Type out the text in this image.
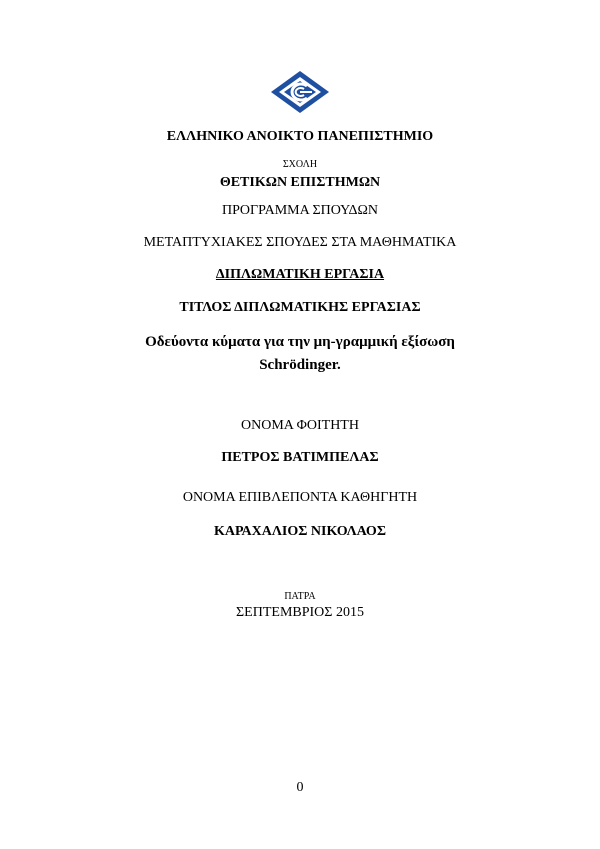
ΕΛΛΗΝΙΚΟ ΑΝΟΙΚΤΟ ΠΑΝΕΠΙΣΤΗΜΙΟ
ΣΧΟΛΗ
ΘΕΤΙΚΩΝ ΕΠΙΣΤΗΜΩΝ
ΠΡΟΓΡΑΜΜΑ ΣΠΟΥΔΩΝ
ΜΕΤΑΠΤΥΧΙΑΚΕΣ ΣΠΟΥΔΕΣ ΣΤΑ ΜΑΘΗΜΑΤΙΚΑ
ΔΙΠΛΩΜΑΤΙΚΗ ΕΡΓΑΣΙΑ
ΤΙΤΛΟΣ ΔΙΠΛΩΜΑΤΙΚΗΣ ΕΡΓΑΣΙΑΣ
Οδεύοντα κύματα για την μη-γραμμική εξίσωση
Schrödinger.
ΟΝΟΜΑ ΦΟΙΤΗΤΗ
ΠΕΤΡΟΣ ΒΑΤΙΜΠΕΛΑΣ
ΟΝΟΜΑ ΕΠΙΒΛΕΠΟΝΤΑ ΚΑΘΗΓΗΤΗ
ΚΑΡΑΧΑΛΙΟΣ ΝΙΚΟΛΑΟΣ
ΠΑΤΡΑ
ΣΕΠΤΕΜΒΡΙΟΣ 2015
0
